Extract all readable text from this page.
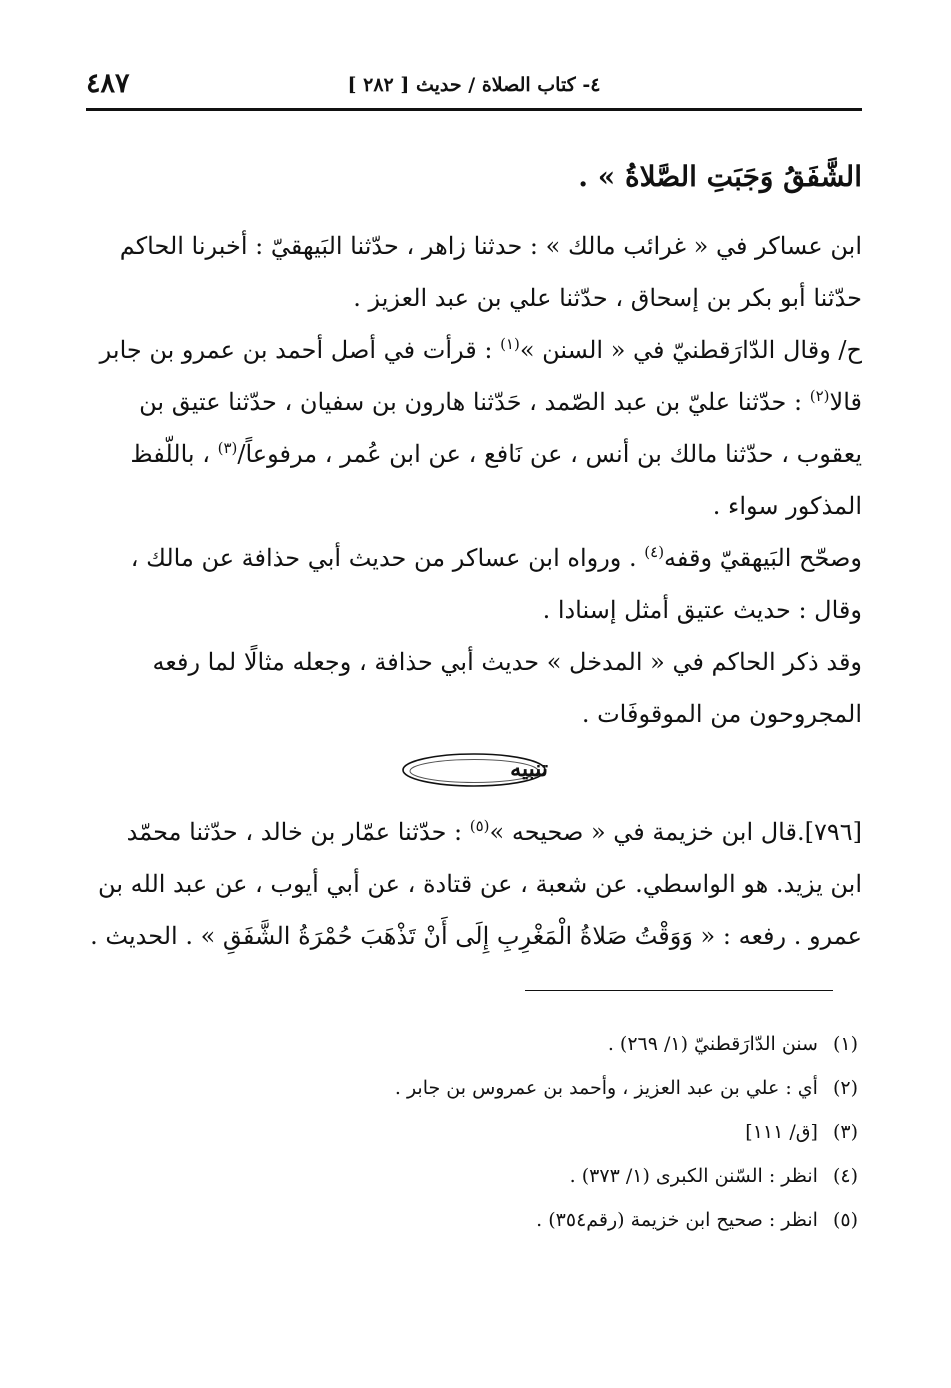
٤- كتاب الصلاة / حديث [ ٢٨٢ ]
٤٨٧

الشَّفَقُ وَجَبَتِ الصَّلاةُ » .

ابن عساكر في « غرائب مالك » : حدثنا زاهر ، حدّثنا البَيهقيّ : أخبرنا الحاكم

حدّثنا أبو بكر بن إسحاق ، حدّثنا علي بن عبد العزيز .

ح/ وقال الدّارَقطنيّ في « السنن »$^{(١)}$ : قرأت في أصل أحمد بن عمرو بن جابر

قالا$^{(٢)}$ : حدّثنا عليّ بن عبد الصّمد ، حَدّثنا هارون بن سفيان ، حدّثنا عتيق بن

يعقوب ، حدّثنا مالك بن أنس ، عن نَافع ، عن ابن عُمر ، مرفوعاً/$^{(٣)}$ ، باللّفظ

المذكور سواء .

وصحّح البَيهقيّ وقفه$^{(٤)}$ . ورواه ابن عساكر من حديث أبي حذافة عن مالك ،

وقال : حديث عتيق أمثل إسنادا .

وقد ذكر الحاكم في « المدخل » حديث أبي حذافة ، وجعله مثالًا لما رفعه

المجروحون من الموقوفَات .

تنبيه

[٧٩٦].قال ابن خزيمة في « صحيحه »$^{(٥)}$ : حدّثنا عمّار بن خالد ، حدّثنا محمّد

ابن يزيد. هو الواسطي. عن شعبة ، عن قتادة ، عن أبي أيوب ، عن عبد الله بن

عمرو . رفعه : « وَوَقْتُ صَلاةُ الْمَغْرِبِ إِلَى أَنْ تَذْهَبَ حُمْرَةُ الشَّفَقِ » . الحديث .

(١) سنن الدّارَقطنيّ (١/ ٢٦٩) .

(٢) أي : علي بن عبد العزيز ، وأحمد بن عمروس بن جابر .

(٣) [ق/ ١١١]

(٤) انظر : السّنن الكبرى (١/ ٣٧٣) .

(٥) انظر : صحيح ابن خزيمة (رقم٣٥٤) .
